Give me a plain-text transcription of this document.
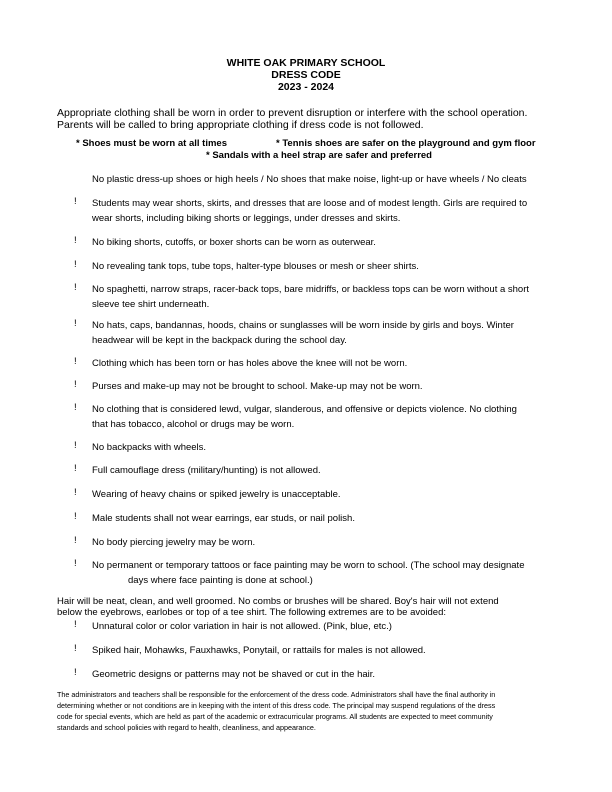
WHITE OAK PRIMARY SCHOOL
DRESS CODE
2023 - 2024
Appropriate clothing shall be worn in order to prevent disruption or interfere with the school operation.
Parents will be called to bring appropriate clothing if dress code is not followed.
* Shoes must be worn at all times	* Tennis shoes are safer on the playground and gym floor
* Sandals with a heel strap are safer and preferred
No plastic dress-up shoes or high heels / No shoes that make noise, light-up or have wheels / No cleats
! Students may wear shorts, skirts, and dresses that are loose and of modest length. Girls are required to
wear shorts, including biking shorts or leggings, under dresses and skirts.
! No biking shorts, cutoffs, or boxer shorts can be worn as outerwear.
! No revealing tank tops, tube tops, halter-type blouses or mesh or sheer shirts.
! No spaghetti, narrow straps, racer-back tops, bare midriffs, or backless tops can be worn without a short
sleeve tee shirt underneath.
! No hats, caps, bandannas, hoods, chains or sunglasses will be worn inside by girls and boys. Winter
headwear will be kept in the backpack during the school day.
! Clothing which has been torn or has holes above the knee will not be worn.
! Purses and make-up may not be brought to school. Make-up may not be worn.
! No clothing that is considered lewd, vulgar, slanderous, and offensive or depicts violence. No clothing
that has tobacco, alcohol or drugs may be worn.
! No backpacks with wheels.
! Full camouflage dress (military/hunting) is not allowed.
! Wearing of heavy chains or spiked jewelry is unacceptable.
! Male students shall not wear earrings, ear studs, or nail polish.
! No body piercing jewelry may be worn.
! No permanent or temporary tattoos or face painting may be worn to school. (The school may designate
days where face painting is done at school.)
Hair will be neat, clean, and well groomed. No combs or brushes will be shared. Boy's hair will not extend
below the eyebrows, earlobes or top of a tee shirt. The following extremes are to be avoided:
! Unnatural color or color variation in hair is not allowed. (Pink, blue, etc.)
! Spiked hair, Mohawks, Fauxhawks, Ponytail, or rattails for males is not allowed.
! Geometric designs or patterns may not be shaved or cut in the hair.
The administrators and teachers shall be responsible for the enforcement of the dress code. Administrators shall have the final authority in
determining whether or not conditions are in keeping with the intent of this dress code. The principal may suspend regulations of the dress
code for special events, which are held as part of the academic or extracurricular programs. All students are expected to meet community
standards and school policies with regard to health, cleanliness, and appearance.
